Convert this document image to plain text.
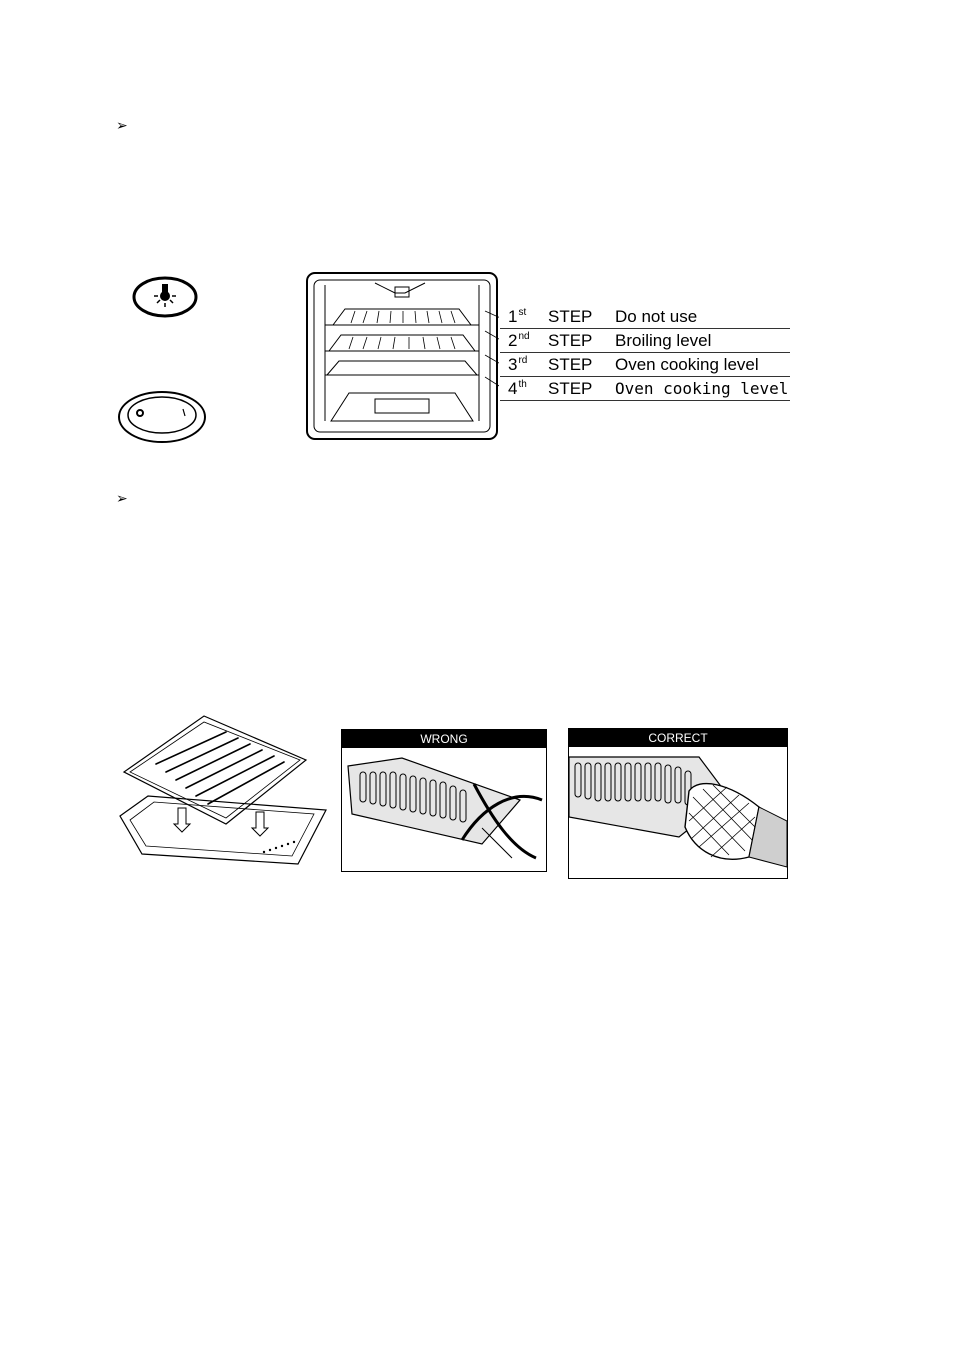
➢
1st STEP Do not use
2nd STEP Broiling level
3rd STEP Oven cooking level
4th STEP Oven cooking level
➢
WRONG	CORRECT
